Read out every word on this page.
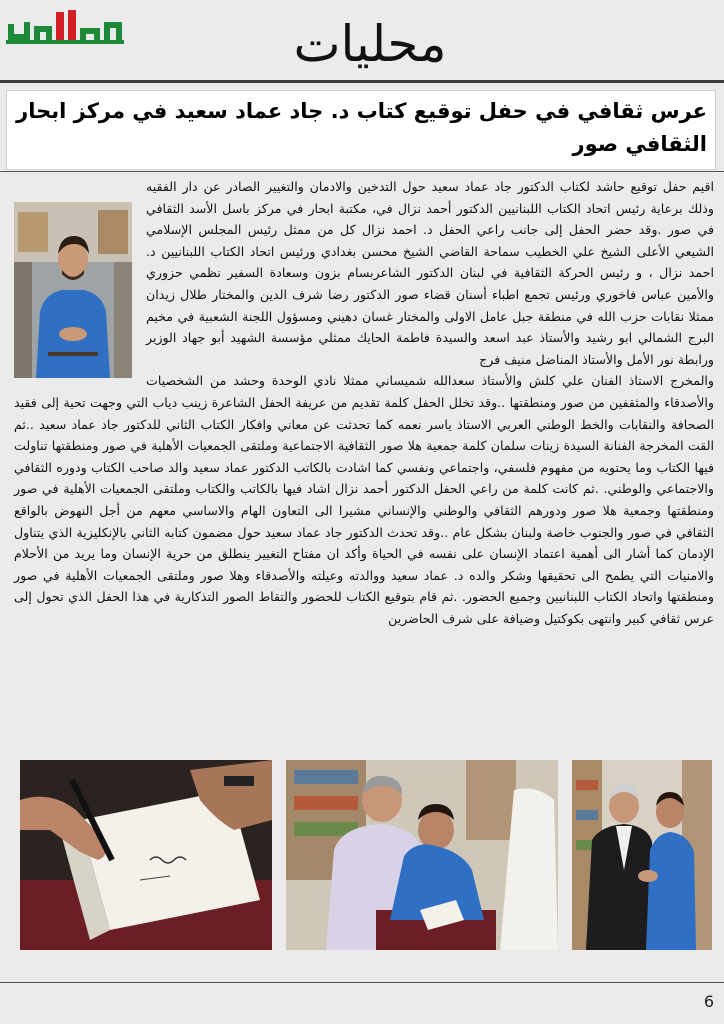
محليات
عرس ثقافي في حفل توقيع كتاب د. جاد عماد سعيد في مركز ابحار الثقافي صور

اقيم حفل توقيع حاشد لكتاب الدكتور جاد عماد سعيد حول التدخين والادمان والتغيير الصادر عن دار الفقيه وذلك برعاية رئيس اتحاد الكتاب اللبنانيين الدكتور أحمد نزال في، مكتبة ابحار في مركز باسل الأسد الثقافي في صور .وقد حضر الحفل إلى جانب راعي الحفل د. احمد نزال كل من ممثل رئيس المجلس الإسلامي الشيعي الأعلى الشيخ علي الخطيب سماحة القاضي الشيخ محسن بغدادي ورئيس اتحاد الكتاب اللبنانيين د. احمد نزال ، و رئيس الحركة الثقافية في لبنان الدكتور الشاعربسام بزون وسعادة السفير نظمي حزوري والأمين عباس فاخوري ورئيس تجمع اطباء أسنان قضاء صور الدكتور رضا شرف الدين والمختار طلال زيدان ممثلا نقابات حزب الله في منطقة جبل عامل الاولى والمختار غسان دهيني ومسؤول اللجنة الشعبية في مخيم البرج الشمالي ابو رشيد والأستاذ عبد اسعد والسيدة فاطمة الحايك ممثلي مؤسسة الشهيد أبو جهاد الوزير ورابطة نور الأمل والأستاذ المناضل منيف فرج

والمخرج الاستاذ الفنان علي كلش والأستاذ سعدالله شميساني ممثلا نادي الوحدة وحشد من الشخصيات والأصدقاء والمثقفين من صور ومنطقتها ..وقد تخلل الحفل كلمة تقديم من عريفة الحفل الشاعرة زينب دياب التي وجهت تحية إلى فقيد الصحافة والنقابات والخط الوطني العربي الاستاذ ياسر نعمه كما تحدثت عن معاني وافكار الكتاب الثاني للدكتور جاد عماد سعيد ..ثم القت المخرجة الفنانة السيدة زينات سلمان كلمة جمعية هلا صور الثقافية الاجتماعية وملتقى الجمعيات الأهلية في صور ومنطقتها تناولت فيها الكتاب وما يحتويه من مفهوم فلسفي، واجتماعي ونفسي كما اشادت بالكاتب الدكتور عماد سعيد والد صاحب الكتاب ودوره الثقافي والاجتماعي والوطني. .ثم كانت كلمة من راعي الحفل الدكتور أحمد نزال اشاد فيها بالكاتب والكتاب وملتقى الجمعيات الأهلية في صور ومنطقتها وجمعية هلا صور ودورهم الثقافي والوطني والإنساني مشيرا الى التعاون الهام والاساسي معهم من أجل النهوض بالواقع الثقافي في صور والجنوب خاصة ولبنان بشكل عام ..وقد تحدث الدكتور جاد عماد سعيد حول مضمون كتابه الثاني بالإنكليزية الذي يتناول الإدمان كما أشار الى أهمية اعتماد الإنسان على نفسه في الحياة وأكد ان مفتاح التغيير ينطلق من حرية الإنسان وما يريد من الأحلام والامنيات التي يطمح الى تحقيقها وشكر والده د. عماد سعيد ووالدته وعيلته والأصدقاء وهلا صور وملتقى الجمعيات الأهلية في صور ومنطقتها واتحاد الكتاب اللبنانيين وجميع الحضور. .ثم قام بتوقيع الكتاب للحضور والتقاط الصور التذكارية في هذا الحفل الذي تحول إلى عرس ثقافي كبير وانتهى بكوكتيل وضيافة على شرف الحاضرين

6
